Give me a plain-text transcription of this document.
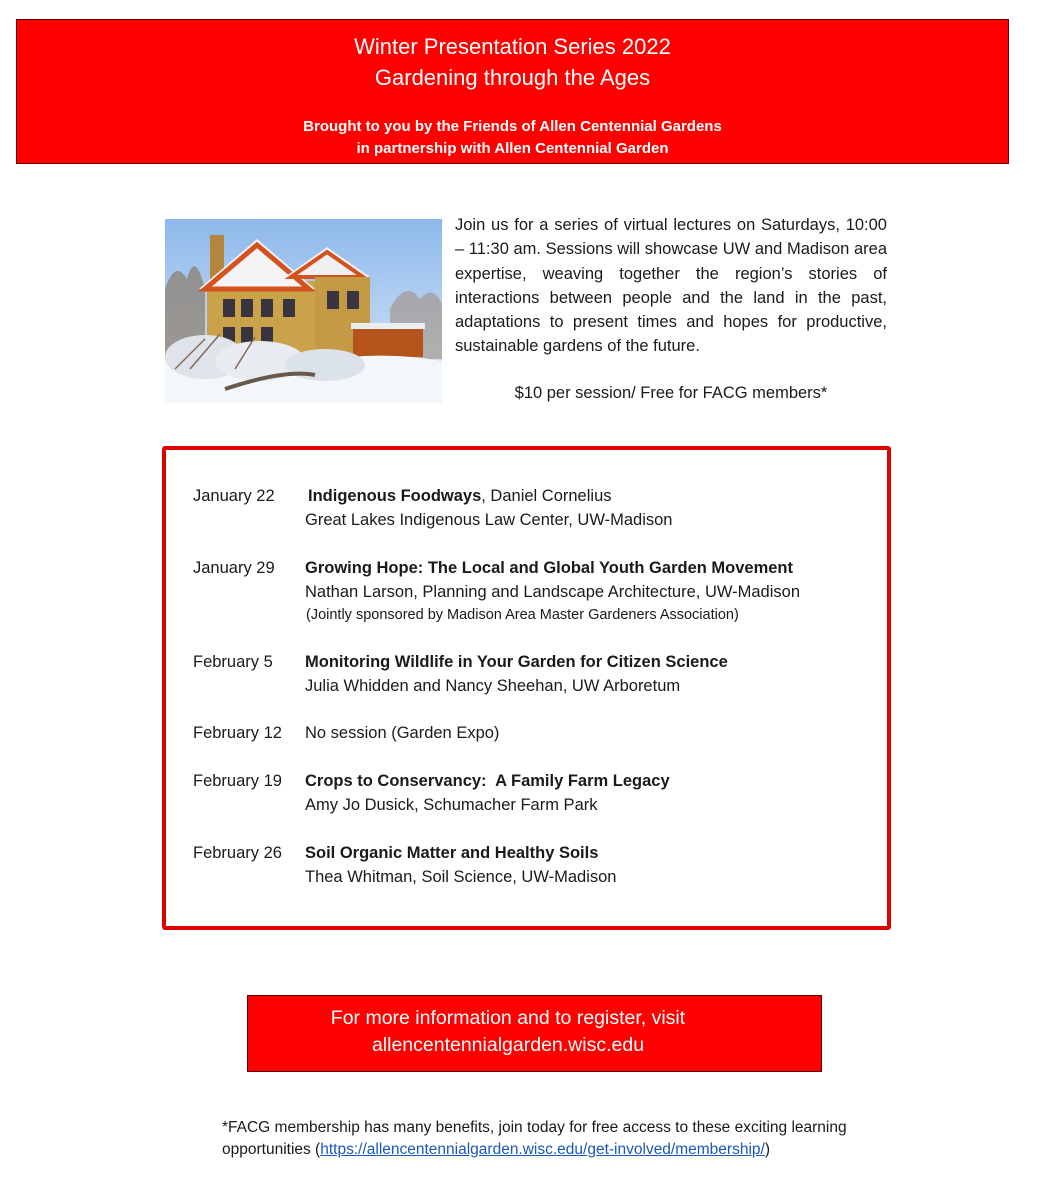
Winter Presentation Series 2022
Gardening through the Ages
Brought to you by the Friends of Allen Centennial Gardens
in partnership with Allen Centennial Garden
Join us for a series of virtual lectures on Saturdays, 10:00 – 11:30 am. Sessions will showcase UW and Madison area expertise, weaving together the region’s stories of interactions between people and the land in the past, adaptations to present times and hopes for productive, sustainable gardens of the future.
$10 per session/ Free for FACG members*
January 22 Indigenous Foodways, Daniel Cornelius
Great Lakes Indigenous Law Center, UW-Madison
January 29 Growing Hope: The Local and Global Youth Garden Movement
Nathan Larson, Planning and Landscape Architecture, UW-Madison
(Jointly sponsored by Madison Area Master Gardeners Association)
February 5 Monitoring Wildlife in Your Garden for Citizen Science
Julia Whidden and Nancy Sheehan, UW Arboretum
February 12 No session (Garden Expo)
February 19 Crops to Conservancy:  A Family Farm Legacy
Amy Jo Dusick, Schumacher Farm Park
February 26 Soil Organic Matter and Healthy Soils
Thea Whitman, Soil Science, UW-Madison
For more information and to register, visit
allencentennialgarden.wisc.edu
*FACG membership has many benefits, join today for free access to these exciting learning opportunities (https://allencentennialgarden.wisc.edu/get-involved/membership/)
